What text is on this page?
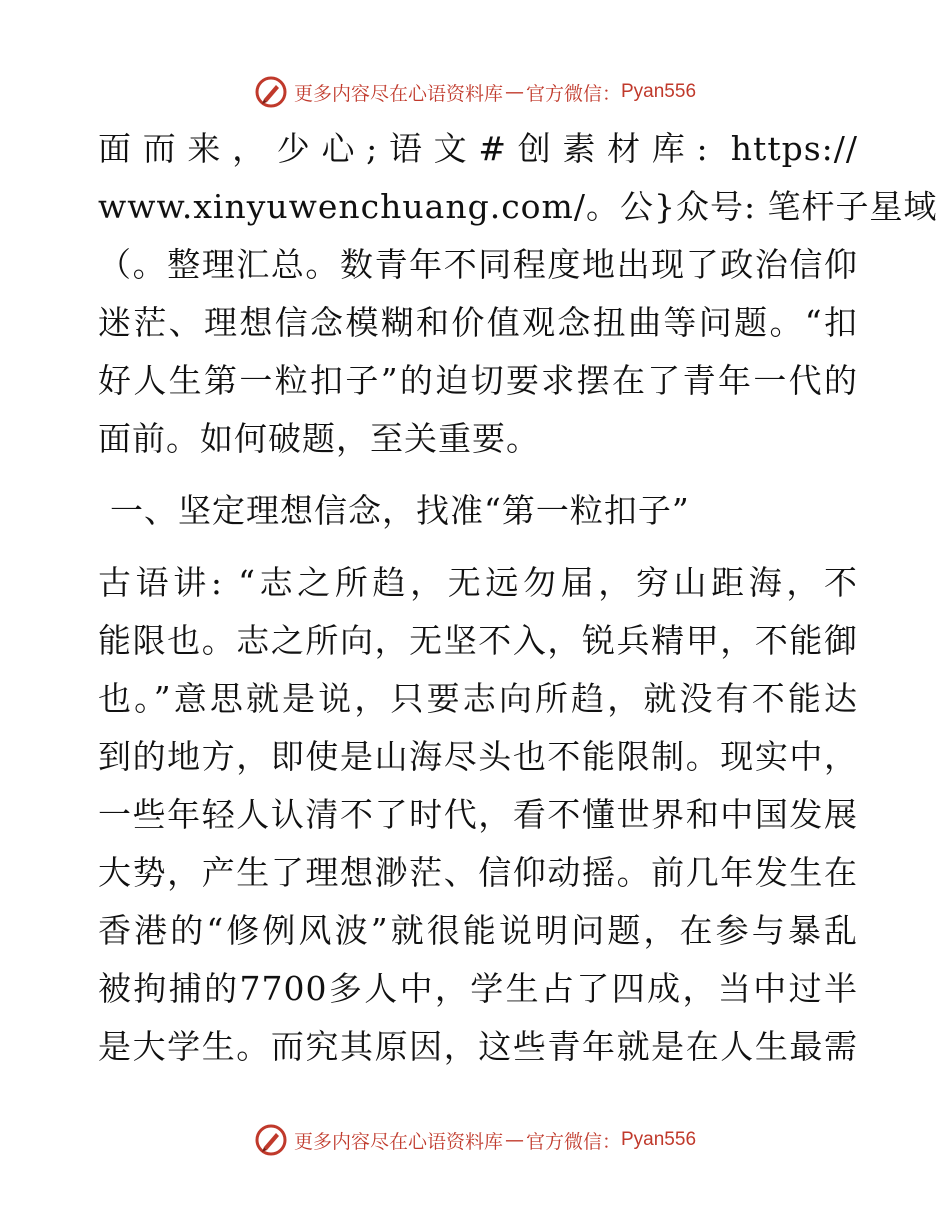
更多内容尽在心语资料库 — 官方微信： Pyan556
面而来，少心;语文#创素材库: https://
www.xinyuwenchuang.com/。公}众号: 笔杆子星域
（。整理汇总。数青年不同程度地出现了政治信仰
迷茫、理想信念模糊和价值观念扭曲等问题。“扣
好人生第一粒扣子”的迫切要求摆在了青年一代的
面前。如何破题，至关重要。
一、坚定理想信念，找准“第一粒扣子”
古语讲: “志之所趋，无远勿届，穷山距海，不
能限也。志之所向，无坚不入，锐兵精甲，不能御
也。”意思就是说，只要志向所趋，就没有不能达
到的地方，即使是山海尽头也不能限制。现实中，
一些年轻人认清不了时代，看不懂世界和中国发展
大势，产生了理想渺茫、信仰动摇。前几年发生在
香港的“修例风波”就很能说明问题，在参与暴乱
被拘捕的7700多人中，学生占了四成，当中过半
是大学生。而究其原因，这些青年就是在人生最需
更多内容尽在心语资料库 — 官方微信： Pyan556
